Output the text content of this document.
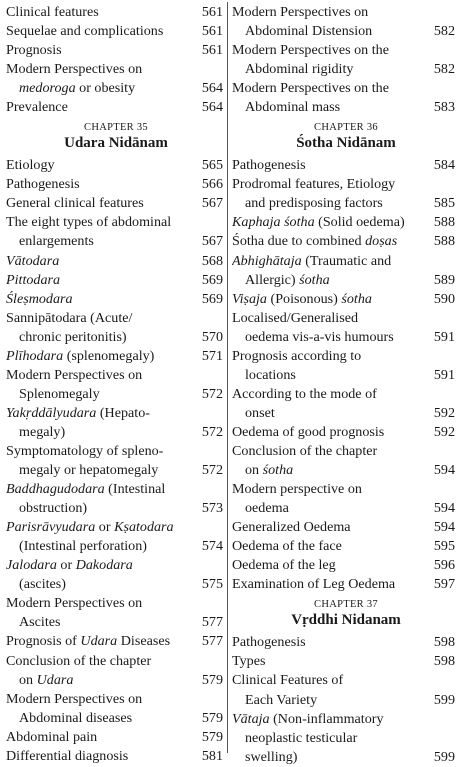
Clinical features	561
Sequelae and complications	561
Prognosis	561
Modern Perspectives on
medoroga or obesity	564
Prevalence	564
CHAPTER 35
Udara Nidānam
Etiology	565
Pathogenesis	566
General clinical features	567
The eight types of abdominal
enlargements	567
Vātodara	568
Pittodara	569
Śleṣmodara	569
Sannipātodara (Acute/
chronic peritonitis)	570
Plīhodara (splenomegaly)	571
Modern Perspectives on
Splenomegaly	572
Yakṛddālyudara (Hepato-
megaly)	572
Symptomatology of spleno-
megaly or hepatomegaly	572
Baddhagudodara (Intestinal
obstruction)	573
Parisrāvyudara or Kṣatodara
(Intestinal perforation)	574
Jalodara or Dakodara
(ascites)	575
Modern Perspectives on
Ascites	577
Prognosis of Udara Diseases	577
Conclusion of the chapter
on Udara	579
Modern Perspectives on
Abdominal diseases	579
Abdominal pain	579
Differential diagnosis	581
Modern Perspectives on
Abdominal Distension	582
Modern Perspectives on the
Abdominal rigidity	582
Modern Perspectives on the
Abdominal mass	583
CHAPTER 36
Śotha Nidānam
Pathogenesis	584
Prodromal features, Etiology
and predisposing factors	585
Kaphaja śotha (Solid oedema)	588
Śotha due to combined doṣas	588
Abhighātaja (Traumatic and
Allergic) śotha	589
Viṣaja (Poisonous) śotha	590
Localised/Generalised
oedema vis-a-vis humours	591
Prognosis according to
locations	591
According to the mode of
onset	592
Oedema of good prognosis	592
Conclusion of the chapter
on śotha	594
Modern perspective on
oedema	594
Generalized Oedema	594
Oedema of the face	595
Oedema of the leg	596
Examination of Leg Oedema	597
CHAPTER 37
Vṛddhi Nidanam
Pathogenesis	598
Types	598
Clinical Features of
Each Variety	599
Vātaja (Non-inflammatory
neoplastic testicular
swelling)	599
